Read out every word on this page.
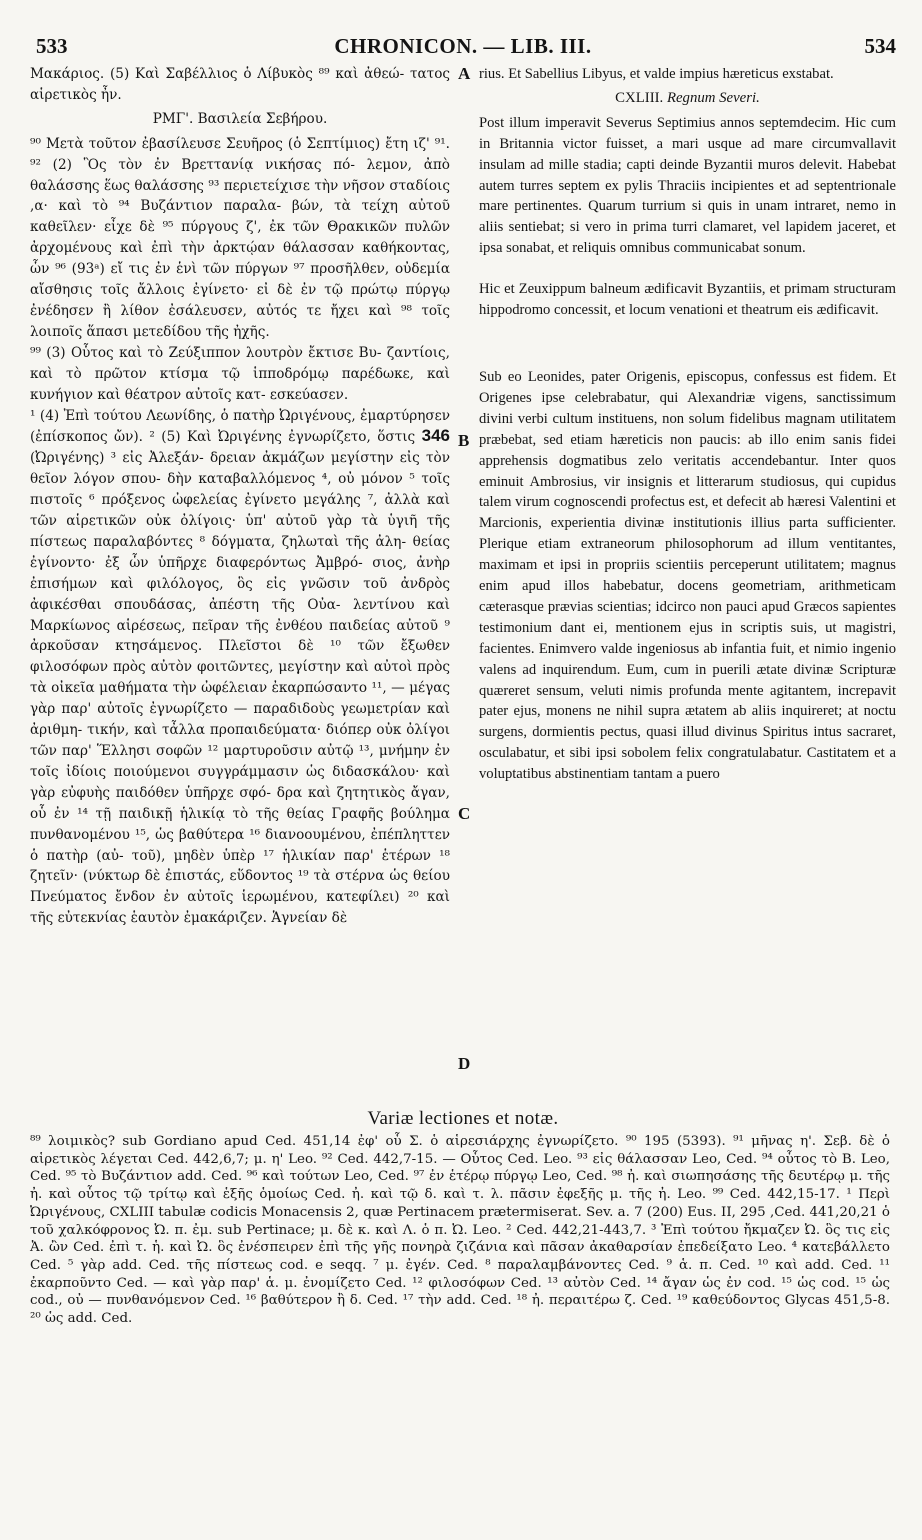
533	CHRONICON. — LIB. III.	534

Μακάριος. (5) Καὶ Σαβέλλιος ὁ Λίβυκὸς ⁸⁹ καὶ ἀθεώ- τατος αἱρετικὸς ἦν.

ΡΜΓ'. Βασιλεία Σεβήρου.

⁹⁰ Μετὰ τοῦτον ἐβασίλευσε Σευῆρος (ὁ Σεπτίμιος) ἔτη ιζ' ⁹¹. ⁹² (2) Ὃς τὸν ἐν Βρεττανίᾳ νικήσας πό- λεμον, ἀπὸ θαλάσσης ἕως θαλάσσης ⁹³ περιετείχισε τὴν νῆσον σταδίοις ,α· καὶ τὸ ⁹⁴ Βυζάντιον παραλα- βών, τὰ τείχη αὐτοῦ καθεῖλεν· εἶχε δὲ ⁹⁵ πύργους ζ', ἐκ τῶν Θρακικῶν πυλῶν ἀρχομένους καὶ ἐπὶ τὴν ἀρκτῴαν θάλασσαν καθήκοντας, ὧν ⁹⁶ (93ᵃ) εἴ τις ἐν ἑνὶ τῶν πύργων ⁹⁷ προσῆλθεν, οὐδεμία αἴσθησις τοῖς ἄλλοις ἐγίνετο· εἰ δὲ ἐν τῷ πρώτῳ πύργῳ ἐνέδησεν ἢ λίθον ἐσάλευσεν, αὐτός τε ἤχει καὶ ⁹⁸ τοῖς λοιποῖς ἅπασι μετεδίδου τῆς ἠχῆς.

⁹⁹ (3) Οὗτος καὶ τὸ Ζεύξιππον λουτρὸν ἔκτισε Βυ- ζαντίοις, καὶ τὸ πρῶτον κτίσμα τῷ ἱπποδρόμῳ παρέδωκε, καὶ κυνήγιον καὶ θέατρον αὐτοῖς κατ- εσκεύασεν.

¹ (4) Ἐπὶ τούτου Λεωνίδης, ὁ πατὴρ Ὠριγένους, ἐμαρτύρησεν (ἐπίσκοπος ὤν). ² (5) Καὶ Ὠριγένης ἐγνωρίζετο, ὅστις 346 (Ὠριγένης) ³ εἰς Ἀλεξάν- δρειαν ἀκμάζων μεγίστην εἰς τὸν θεῖον λόγον σπου- δὴν καταβαλλόμενος ⁴, οὐ μόνον ⁵ τοῖς πιστοῖς ⁶ πρόξενος ὠφελείας ἐγίνετο μεγάλης ⁷, ἀλλὰ καὶ τῶν αἱρετικῶν οὐκ ὀλίγοις· ὑπ' αὐτοῦ γὰρ τὰ ὑγιῆ τῆς πίστεως παραλαβόντες ⁸ δόγματα, ζηλωταὶ τῆς ἀλη- θείας ἐγίνοντο· ἐξ ὧν ὑπῆρχε διαφερόντως Ἀμβρό- σιος, ἀνὴρ ἐπισήμων καὶ φιλόλογος, ὃς εἰς γνῶσιν τοῦ ἀνδρὸς ἀφικέσθαι σπουδάσας, ἀπέστη τῆς Οὐα- λεντίνου καὶ Μαρκίωνος αἱρέσεως, πεῖραν τῆς ἐνθέου παιδείας αὐτοῦ ⁹ ἀρκοῦσαν κτησάμενος. Πλεῖστοι δὲ ¹⁰ τῶν ἔξωθεν φιλοσόφων πρὸς αὐτὸν φοιτῶντες, μεγίστην καὶ αὐτοὶ πρὸς τὰ οἰκεῖα μαθήματα τὴν ὠφέλειαν ἐκαρπώσαντο ¹¹, — μέγας γὰρ παρ' αὐτοῖς ἐγνωρίζετο — παραδιδοὺς γεωμετρίαν καὶ ἀριθμη- τικήν, καὶ τἆλλα προπαιδεύματα· διόπερ οὐκ ὀλίγοι τῶν παρ' Ἕλλησι σοφῶν ¹² μαρτυροῦσιν αὐτῷ ¹³, μνήμην ἐν τοῖς ἰδίοις ποιούμενοι συγγράμμασιν ὡς διδασκάλου· καὶ γὰρ εὐφυὴς παιδόθεν ὑπῆρχε σφό- δρα καὶ ζητητικὸς ἄγαν, οὗ ἐν ¹⁴ τῇ παιδικῇ ἡλικίᾳ τὸ τῆς θείας Γραφῆς βούλημα πυνθανομένου ¹⁵, ὡς βαθύτερα ¹⁶ διανοουμένου, ἐπέπληττεν ὁ πατὴρ (αὐ- τοῦ), μηδὲν ὑπὲρ ¹⁷ ἡλικίαν παρ' ἑτέρων ¹⁸ ζητεῖν· (νύκτωρ δὲ ἐπιστάς, εὕδοντος ¹⁹ τὰ στέρνα ὡς θείου Πνεύματος ἔνδον ἐν αὐτοῖς ἱερωμένου, κατεφίλει) ²⁰ καὶ τῆς εὐτεκνίας ἑαυτὸν ἐμακάριζεν. Ἁγνείαν δὲ

A
B
C
D

rius. Et Sabellius Libyus, et valde impius hæreticus exstabat.

CXLIII. Regnum Severi.

Post illum imperavit Severus Septimius annos septemdecim. Hic cum in Britannia victor fuisset, a mari usque ad mare circumvallavit insulam ad mille stadia; capti deinde Byzantii muros delevit. Habebat autem turres septem ex pylis Thraciis incipientes et ad septentrionale mare pertinentes. Quarum turrium si quis in unam intraret, nemo in aliis sentiebat; si vero in prima turri clamaret, vel lapidem jaceret, et ipsa sonabat, et reliquis omnibus communicabat sonum.

Hic et Zeuxippum balneum ædificavit Byzantiis, et primam structuram hippodromo concessit, et locum venationi et theatrum eis ædificavit.

Sub eo Leonides, pater Origenis, episcopus, confessus est fidem. Et Origenes ipse celebrabatur, qui Alexandriæ vigens, sanctissimum divini verbi cultum instituens, non solum fidelibus magnam utilitatem præbebat, sed etiam hæreticis non paucis: ab illo enim sanis fidei apprehensis dogmatibus zelo veritatis accendebantur. Inter quos eminuit Ambrosius, vir insignis et litterarum studiosus, qui cupidus talem virum cognoscendi profectus est, et defecit ab hæresi Valentini et Marcionis, experientia divinæ institutionis illius parta sufficienter. Plerique etiam extraneorum philosophorum ad illum ventitantes, maximam et ipsi in propriis scientiis perceperunt utilitatem; magnus enim apud illos habebatur, docens geometriam, arithmeticam cæterasque prævias scientias; idcirco non pauci apud Græcos sapientes testimonium dant ei, mentionem ejus in scriptis suis, ut magistri, facientes. Enimvero valde ingeniosus ab infantia fuit, et nimio ingenio valens ad inquirendum. Eum, cum in puerili ætate divinæ Scripturæ quæreret sensum, veluti nimis profunda mente agitantem, increpavit pater ejus, monens ne nihil supra ætatem ab aliis inquireret; at noctu surgens, dormientis pectus, quasi illud divinus Spiritus intus sacraret, osculabatur, et sibi ipsi sobolem felix congratulabatur. Castitatem et a voluptatibus abstinentiam tantam a puero

Variæ lectiones et notæ.

⁸⁹ λοιμικὸς? sub Gordiano apud Ced. 451,14 ἐφ' οὗ Σ. ὁ αἱρεσιάρχης ἐγνωρίζετο. ⁹⁰ 195 (5393). ⁹¹ μῆνας η'. Σεβ. δὲ ὁ αἱρετικὸς λέγεται Ced. 442,6,7; μ. η' Leo. ⁹² Ced. 442,7-15. — Οὗτος Ced. Leo. ⁹³ εἰς θάλασσαν Leo, Ced. ⁹⁴ οὗτος τὸ B. Leo, Ced. ⁹⁵ τὸ Βυζάντιον add. Ced. ⁹⁶ καὶ τούτων Leo, Ced. ⁹⁷ ἐν ἑτέρῳ πύργῳ Leo, Ced. ⁹⁸ ἠ. καὶ σιωπησάσης τῆς δευτέρῳ μ. τῆς ἠ. καὶ οὗτος τῷ τρίτῳ καὶ ἑξῆς ὁμοίως Ced. ἠ. καὶ τῷ δ. καὶ τ. λ. πᾶσιν ἐφεξῆς μ. τῆς ἠ. Leo. ⁹⁹ Ced. 442,15-17. ¹ Περὶ Ὠριγένους, CXLIII tabulæ codicis Monacensis 2, quæ Pertinacem prætermiserat. Sev. a. 7 (200) Eus. II, 295 ,Ced. 441,20,21 ὁ τοῦ χαλκόφρονος Ὠ. π. ἐμ. sub Pertinace; μ. δὲ κ. καὶ Λ. ὁ π. Ὠ. Leo. ² Ced. 442,21-443,7. ³ Ἐπὶ τούτου ἤκμαζεν Ὠ. ὃς τις εἰς Ἀ. ὢν Ced. ἐπὶ τ. ἡ. καὶ Ὠ. ὃς ἐνέσπειρεν ἐπὶ τῆς γῆς πονηρὰ ζιζάνια καὶ πᾶσαν ἀκαθαρσίαν ἐπεδείξατο Leo. ⁴ κατεβάλλετο Ced. ⁵ γὰρ add. Ced. τῆς πίστεως cod. e seqq. ⁷ μ. ἐγέν. Ced. ⁸ παραλαμβάνοντες Ced. ⁹ ἁ. π. Ced. ¹⁰ καὶ add. Ced. ¹¹ ἐκαρποῦντο Ced. — καὶ γὰρ παρ' ἁ. μ. ἐνομίζετο Ced. ¹² φιλοσόφων Ced. ¹³ αὐτὸν Ced. ¹⁴ ἄγαν ὡς ἐν cod. ¹⁵ ὡς cod. ¹⁵ ὡς cod., οὐ — πυνθανόμενον Ced. ¹⁶ βαθύτερον ἢ δ. Ced. ¹⁷ τὴν add. Ced. ¹⁸ ἠ. περαιτέρω ζ. Ced. ¹⁹ καθεύδοντος Glycas 451,5-8. ²⁰ ὡς add. Ced.
